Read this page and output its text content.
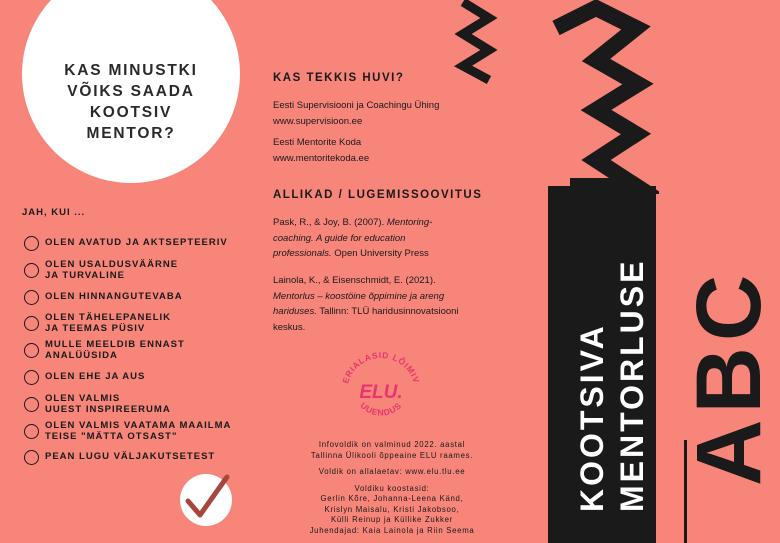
KAS MINUSTKI
VÕIKS SAADA
KOOTSIV
MENTOR?
JAH, KUI ...
OLEN AVATUD JA AKTSEPTEERIV
OLEN USALDUSVÄÄRNE
JA TURVALINE
OLEN HINNANGUTEVABA
OLEN TÄHELEPANELIK
JA TEEMAS PÜSIV
MULLE MEELDIB ENNAST
ANALÜÜSIDA
OLEN EHE JA AUS
OLEN VALMIS
UUEST INSPIREERUMA
OLEN VALMIS VAATAMA MAAILMA
TEISE "MÄTTA OTSAST"
PEAN LUGU VÄLJAKUTSETEST
KAS TEKKIS HUVI?
Eesti Supervisiooni ja Coachingu Ühing
www.supervisioon.ee
Eesti Mentorite Koda
www.mentoritekoda.ee
ALLIKAD / LUGEMISSOOVITUS
Pask, R., & Joy, B. (2007). Mentoring-
coaching. A guide for education
professionals. Open University Press
Lainola, K., & Eisenschmidt, E. (2021).
Mentorlus – koostöine õppimine ja areng
hariduses. Tallinn: TLÜ haridusinnovatsiooni
keskus.
ERIALASID LÕIMIV
ELU.
UUENDUS
Infovoldik on valminud 2022. aastal
Tallinna Ülikooli õppeaine ELU raames.
Voldik on allalaetav: www.elu.tlu.ee
Voldiku koostasid:
Gerlin Kõre, Johanna-Leena Känd,
Krislyn Maisalu, Kristi Jakobsoo,
Külli Reinup ja Küllike Zukker
Juhendajad: Kaia Lainola ja Riin Seema
KOOTSIVA MENTORLUSE ABC
